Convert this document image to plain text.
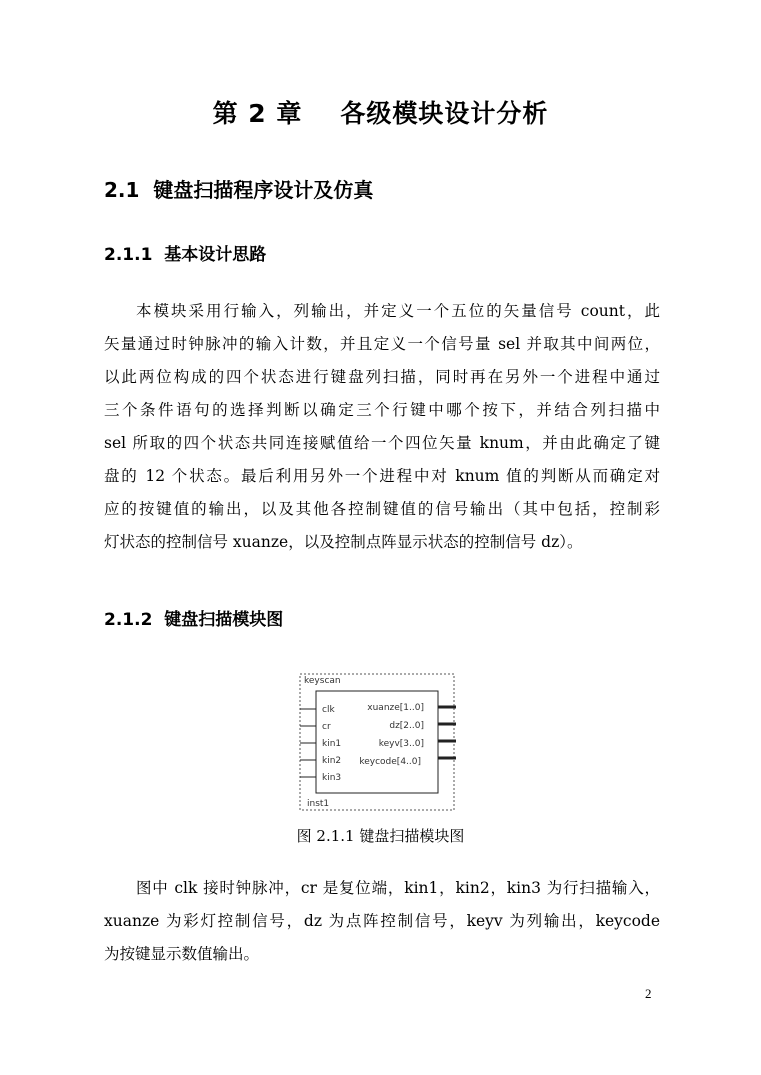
第 2 章 各级模块设计分析
2.1 键盘扫描程序设计及仿真
2.1.1 基本设计思路
本模块采用行输入，列输出，并定义一个五位的矢量信号 count，此
矢量通过时钟脉冲的输入计数，并且定义一个信号量 sel 并取其中间两位，
以此两位构成的四个状态进行键盘列扫描，同时再在另外一个进程中通过
三个条件语句的选择判断以确定三个行键中哪个按下，并结合列扫描中
sel 所取的四个状态共同连接赋值给一个四位矢量 knum，并由此确定了键
盘的 12 个状态。最后利用另外一个进程中对 knum 值的判断从而确定对
应的按键值的输出，以及其他各控制键值的信号输出（其中包括，控制彩
灯状态的控制信号 xuanze，以及控制点阵显示状态的控制信号 dz）。
2.1.2 键盘扫描模块图
keyscan
clk
cr
kin1
kin2
kin3
xuanze[1..0]
dz[2..0]
keyv[3..0]
keycode[4..0]
inst1
图 2.1.1 键盘扫描模块图
图中 clk 接时钟脉冲，cr 是复位端，kin1，kin2，kin3 为行扫描输入，
xuanze 为彩灯控制信号，dz 为点阵控制信号，keyv 为列输出，keycode
为按键显示数值输出。
2
